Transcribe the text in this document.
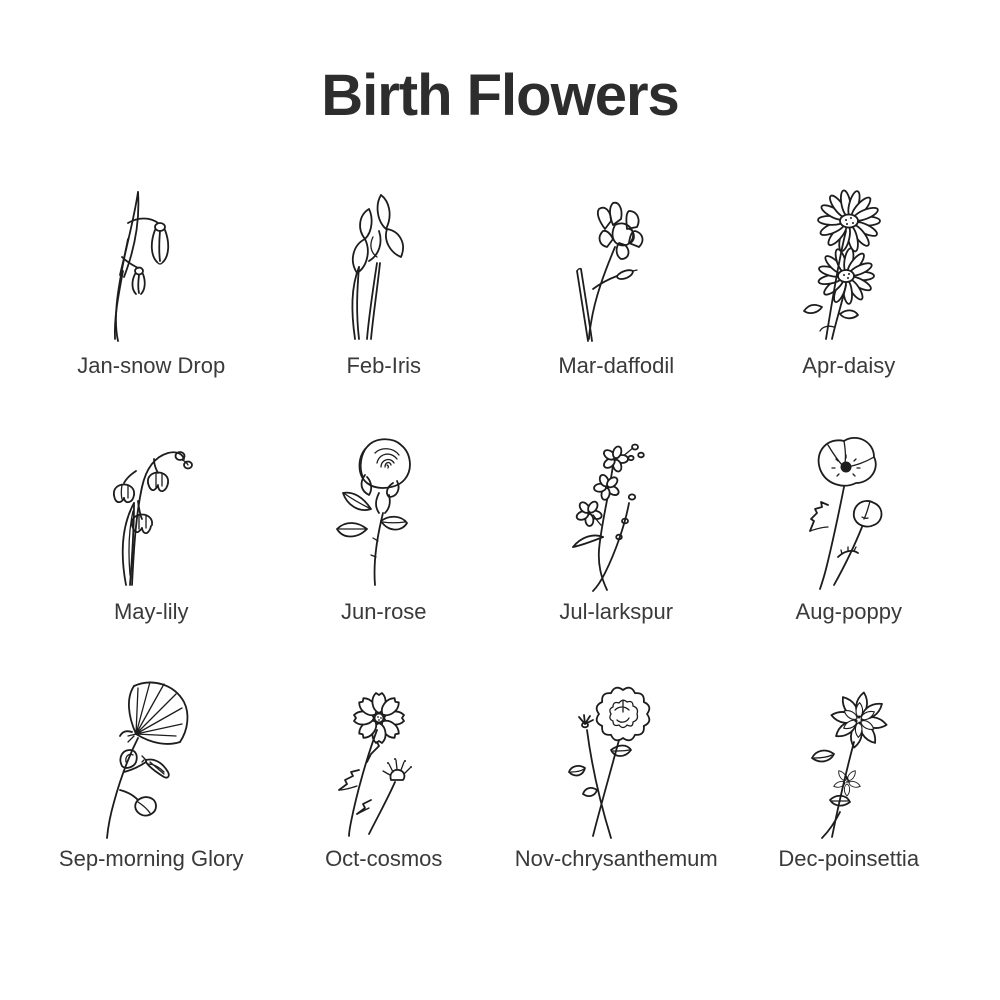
Birth Flowers
Jan-snow Drop	Feb-Iris	Mar-daffodil	Apr-daisy
May-lily	Jun-rose	Jul-larkspur	Aug-poppy
Sep-morning Glory	Oct-cosmos	Nov-chrysanthemum	Dec-poinsettia
